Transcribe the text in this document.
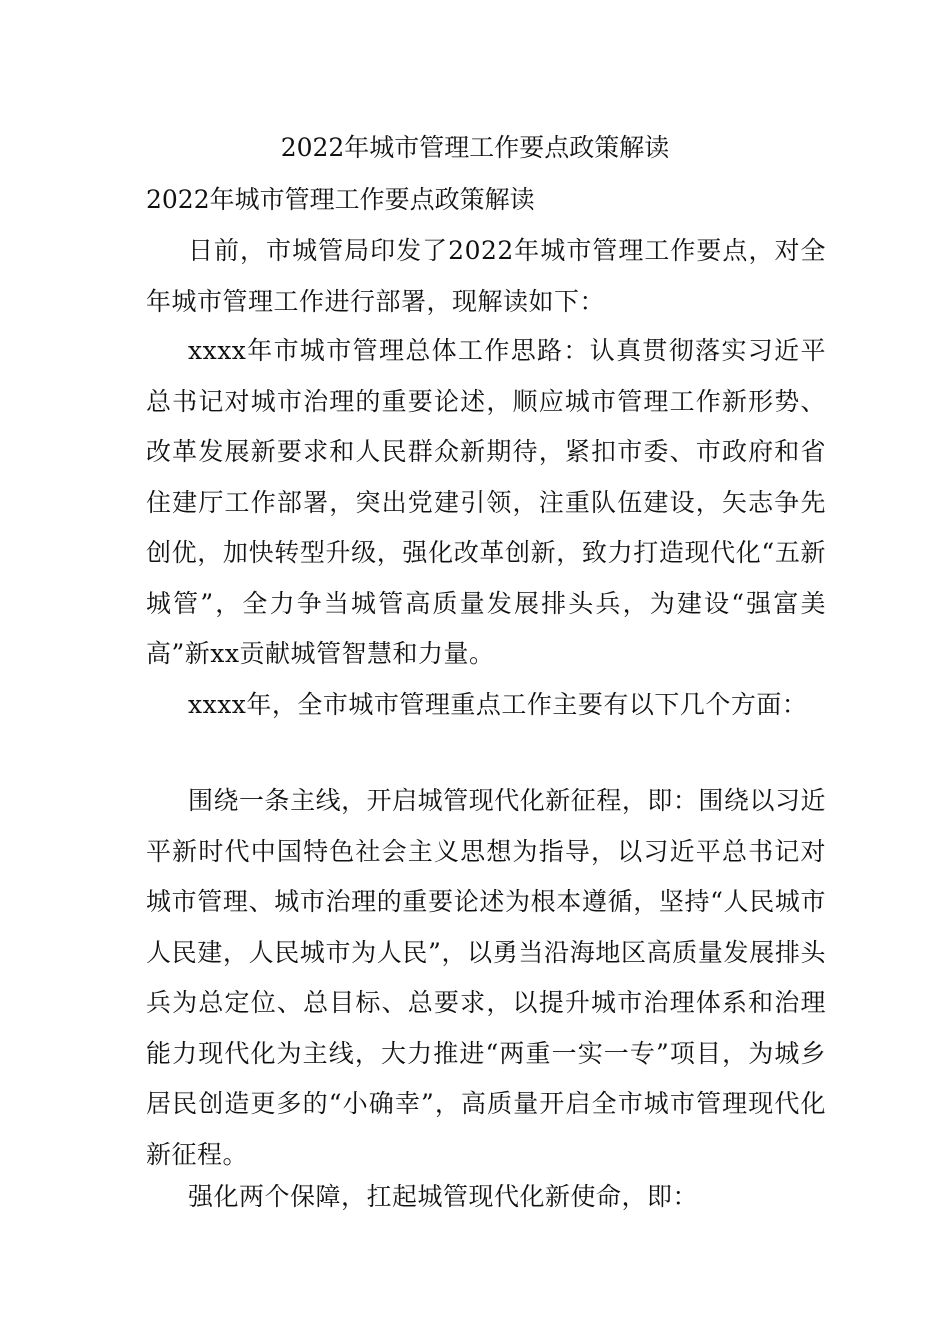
2022年城市管理工作要点政策解读

2022年城市管理工作要点政策解读

日前，市城管局印发了2022年城市管理工作要点，对全年城市管理工作进行部署，现解读如下：

xxxx年市城市管理总体工作思路：认真贯彻落实习近平总书记对城市治理的重要论述，顺应城市管理工作新形势、改革发展新要求和人民群众新期待，紧扣市委、市政府和省住建厅工作部署，突出党建引领，注重队伍建设，矢志争先创优，加快转型升级，强化改革创新，致力打造现代化“五新城管”，全力争当城管高质量发展排头兵，为建设“强富美高”新xx贡献城管智慧和力量。

xxxx年，全市城市管理重点工作主要有以下几个方面：

围绕一条主线，开启城管现代化新征程，即：围绕以习近平新时代中国特色社会主义思想为指导，以习近平总书记对城市管理、城市治理的重要论述为根本遵循，坚持“人民城市人民建，人民城市为人民”，以勇当沿海地区高质量发展排头兵为总定位、总目标、总要求，以提升城市治理体系和治理能力现代化为主线，大力推进“两重一实一专”项目，为城乡居民创造更多的“小确幸”，高质量开启全市城市管理现代化新征程。

强化两个保障，扛起城管现代化新使命，即：
